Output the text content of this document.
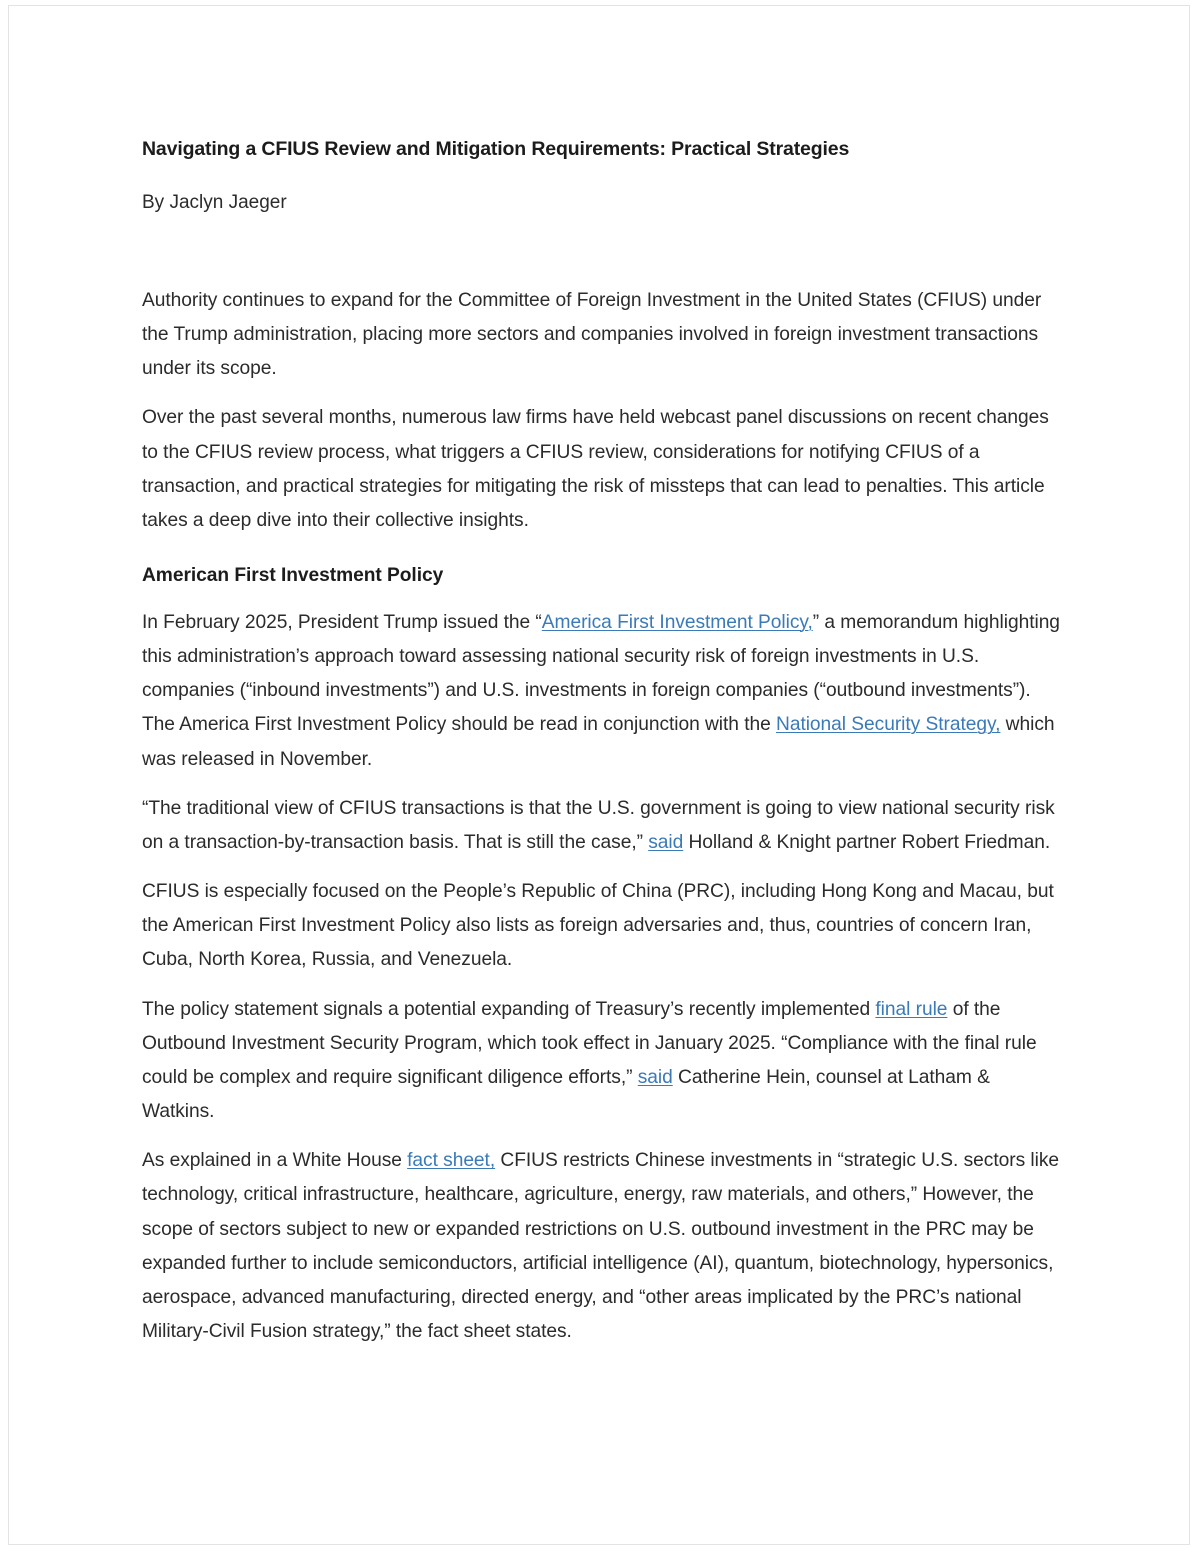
Navigating a CFIUS Review and Mitigation Requirements: Practical Strategies

By Jaclyn Jaeger

Authority continues to expand for the Committee of Foreign Investment in the United States (CFIUS) under the Trump administration, placing more sectors and companies involved in foreign investment transactions under its scope.

Over the past several months, numerous law firms have held webcast panel discussions on recent changes to the CFIUS review process, what triggers a CFIUS review, considerations for notifying CFIUS of a transaction, and practical strategies for mitigating the risk of missteps that can lead to penalties. This article takes a deep dive into their collective insights.

American First Investment Policy

In February 2025, President Trump issued the “America First Investment Policy,” a memorandum highlighting this administration’s approach toward assessing national security risk of foreign investments in U.S. companies (“inbound investments”) and U.S. investments in foreign companies (“outbound investments”). The America First Investment Policy should be read in conjunction with the National Security Strategy, which was released in November.

“The traditional view of CFIUS transactions is that the U.S. government is going to view national security risk on a transaction-by-transaction basis. That is still the case,” said Holland & Knight partner Robert Friedman.

CFIUS is especially focused on the People’s Republic of China (PRC), including Hong Kong and Macau, but the American First Investment Policy also lists as foreign adversaries and, thus, countries of concern Iran, Cuba, North Korea, Russia, and Venezuela.

The policy statement signals a potential expanding of Treasury’s recently implemented final rule of the Outbound Investment Security Program, which took effect in January 2025. “Compliance with the final rule could be complex and require significant diligence efforts,” said Catherine Hein, counsel at Latham & Watkins.

As explained in a White House fact sheet, CFIUS restricts Chinese investments in “strategic U.S. sectors like technology, critical infrastructure, healthcare, agriculture, energy, raw materials, and others,” However, the scope of sectors subject to new or expanded restrictions on U.S. outbound investment in the PRC may be expanded further to include semiconductors, artificial intelligence (AI), quantum, biotechnology, hypersonics, aerospace, advanced manufacturing, directed energy, and “other areas implicated by the PRC’s national Military-Civil Fusion strategy,” the fact sheet states.
